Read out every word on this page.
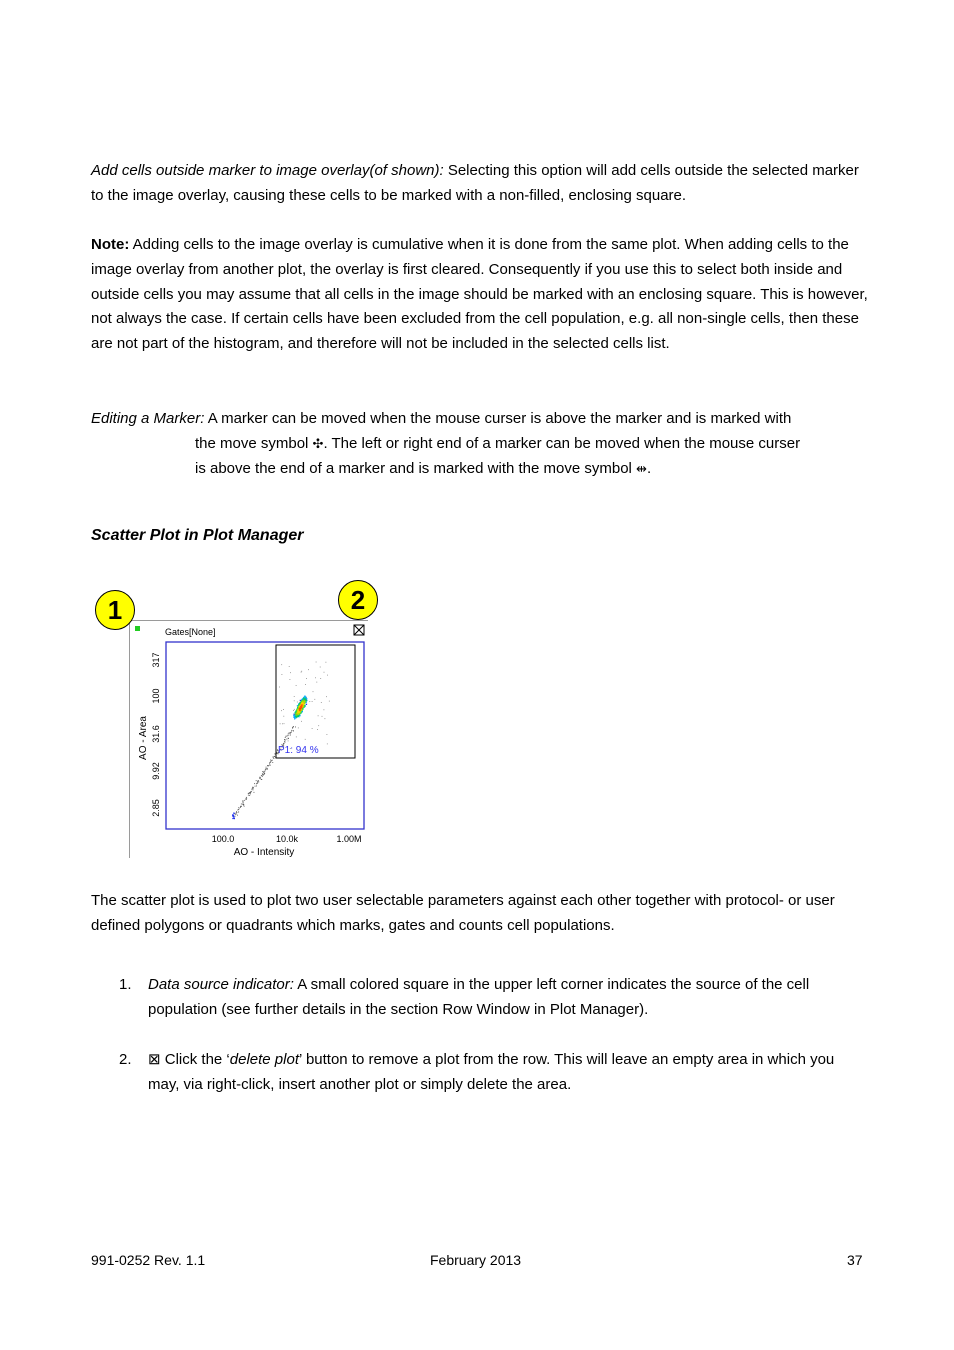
Add cells outside marker to image overlay(of shown): Selecting this option will add cells outside the selected marker to the image overlay, causing these cells to be marked with a non-filled, enclosing square.

Note: Adding cells to the image overlay is cumulative when it is done from the same plot. When adding cells to the image overlay from another plot, the overlay is first cleared. Consequently if you use this to select both inside and outside cells you may assume that all cells in the image should be marked with an enclosing square. This is however, not always the case. If certain cells have been excluded from the cell population, e.g. all non-single cells, then these are not part of the histogram, and therefore will not be included in the selected cells list.

Editing a Marker: A marker can be moved when the mouse curser is above the marker and is marked with

the move symbol ✣. The left or right end of a marker can be moved when the mouse curser

is above the end of a marker and is marked with the move symbol ⇹.

Scatter Plot in Plot Manager
1	2
Gates[None]
P1: 94 %
317
100
31.6
9.92
2.85
AO - Area
100.0	10.0k	1.00M
AO - Intensity

The scatter plot is used to plot two user selectable parameters against each other together with protocol- or user defined polygons or quadrants which marks, gates and counts cell populations.

1. Data source indicator: A small colored square in the upper left corner indicates the source of the cell population (see further details in the section Row Window in Plot Manager).
2. ⊠ Click the ‘delete plot’ button to remove a plot from the row. This will leave an empty area in which you may, via right-click, insert another plot or simply delete the area.
991-0252 Rev. 1.1	February 2013	37
